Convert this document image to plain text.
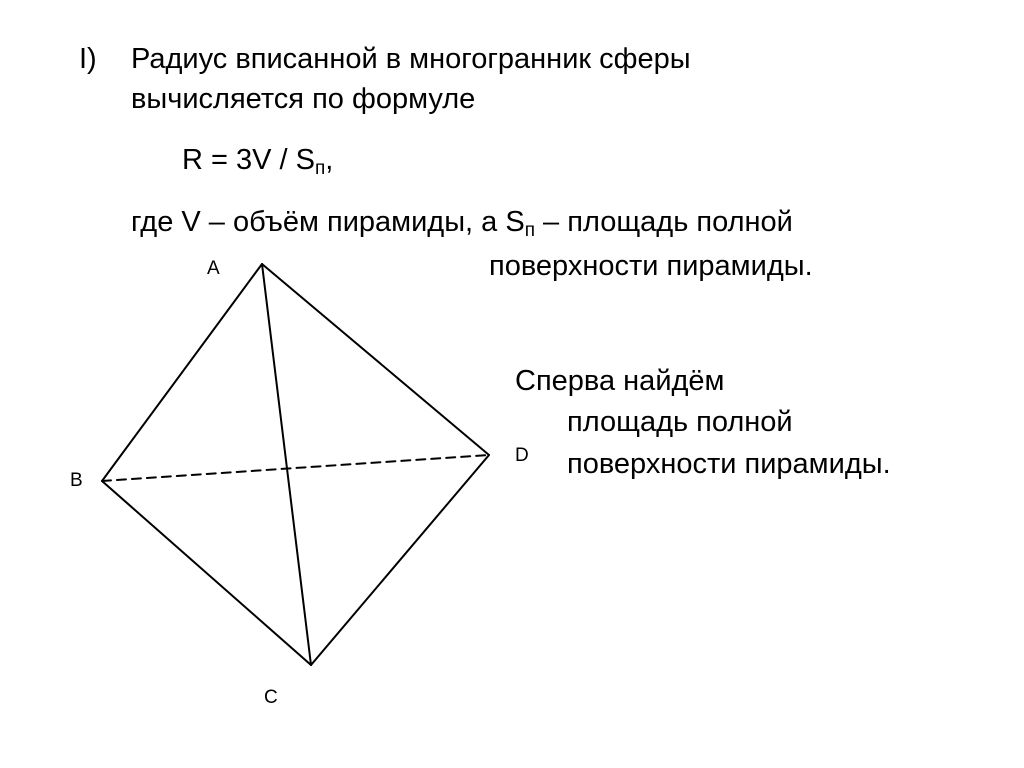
I) Радиус вписанной в многогранник сферы
вычисляется по формуле
$R = 3V / S_п$,
где V – объём пирамиды, а $S_п$ – площадь полной
поверхности пирамиды.
Сперва найдём
площадь полной
поверхности пирамиды.
A
B
C
D
